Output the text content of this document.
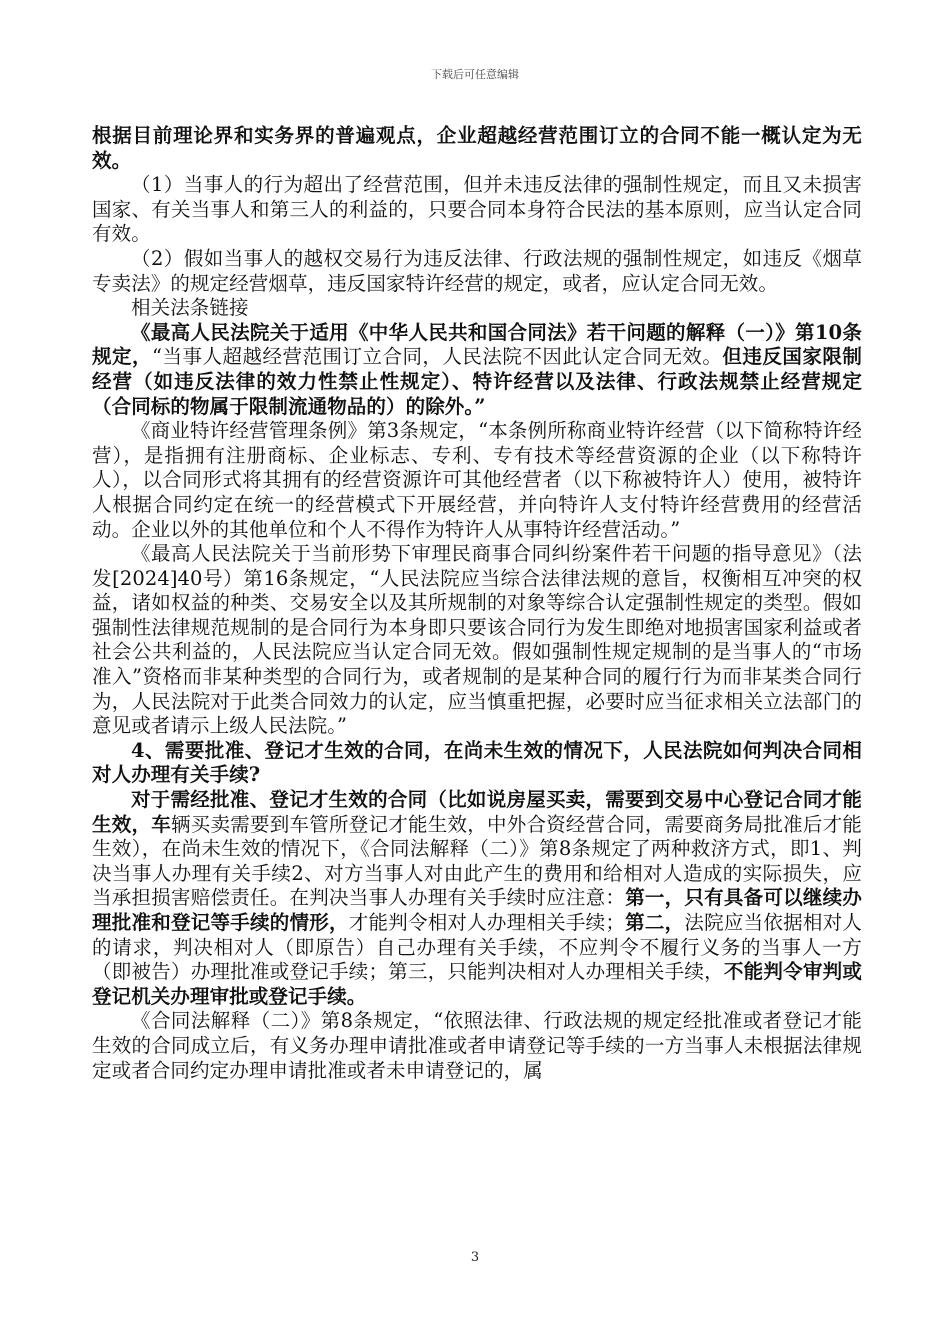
下载后可任意编辑

根据目前理论界和实务界的普遍观点，企业超越经营范围订立的合同不能一概认定为无效。

（1）当事人的行为超出了经营范围，但并未违反法律的强制性规定，而且又未损害国家、有关当事人和第三人的利益的，只要合同本身符合民法的基本原则，应当认定合同有效。

（2）假如当事人的越权交易行为违反法律、行政法规的强制性规定，如违反《烟草专卖法》的规定经营烟草，违反国家特许经营的规定，或者，应认定合同无效。

相关法条链接

《最高人民法院关于适用《中华人民共和国合同法》若干问题的解释（一）》第10条规定，“当事人超越经营范围订立合同，人民法院不因此认定合同无效。但违反国家限制经营（如违反法律的效力性禁止性规定）、特许经营以及法律、行政法规禁止经营规定（合同标的物属于限制流通物品的）的除外。”

《商业特许经营管理条例》第3条规定，“本条例所称商业特许经营（以下简称特许经营），是指拥有注册商标、企业标志、专利、专有技术等经营资源的企业（以下称特许人），以合同形式将其拥有的经营资源许可其他经营者（以下称被特许人）使用，被特许人根据合同约定在统一的经营模式下开展经营，并向特许人支付特许经营费用的经营活动。企业以外的其他单位和个人不得作为特许人从事特许经营活动。”

《最高人民法院关于当前形势下审理民商事合同纠纷案件若干问题的指导意见》（法发[2024]40号）第16条规定，“人民法院应当综合法律法规的意旨，权衡相互冲突的权益，诸如权益的种类、交易安全以及其所规制的对象等综合认定强制性规定的类型。假如强制性法律规范规制的是合同行为本身即只要该合同行为发生即绝对地损害国家利益或者社会公共利益的，人民法院应当认定合同无效。假如强制性规定规制的是当事人的“市场准入”资格而非某种类型的合同行为，或者规制的是某种合同的履行行为而非某类合同行为，人民法院对于此类合同效力的认定，应当慎重把握，必要时应当征求相关立法部门的意见或者请示上级人民法院。”

4、需要批准、登记才生效的合同，在尚未生效的情况下，人民法院如何判决合同相对人办理有关手续?

对于需经批准、登记才生效的合同（比如说房屋买卖，需要到交易中心登记合同才能生效，车辆买卖需要到车管所登记才能生效，中外合资经营合同，需要商务局批准后才能生效），在尚未生效的情况下，《合同法解释（二）》第8条规定了两种救济方式，即1、判决当事人办理有关手续2、对方当事人对由此产生的费用和给相对人造成的实际损失，应当承担损害赔偿责任。在判决当事人办理有关手续时应注意：第一，只有具备可以继续办理批准和登记等手续的情形，才能判令相对人办理相关手续；第二，法院应当依据相对人的请求，判决相对人（即原告）自己办理有关手续，不应判令不履行义务的当事人一方（即被告）办理批准或登记手续；第三，只能判决相对人办理相关手续，不能判令审判或登记机关办理审批或登记手续。

《合同法解释（二）》第8条规定，“依照法律、行政法规的规定经批准或者登记才能生效的合同成立后，有义务办理申请批准或者申请登记等手续的一方当事人未根据法律规定或者合同约定办理申请批准或者未申请登记的，属

3
